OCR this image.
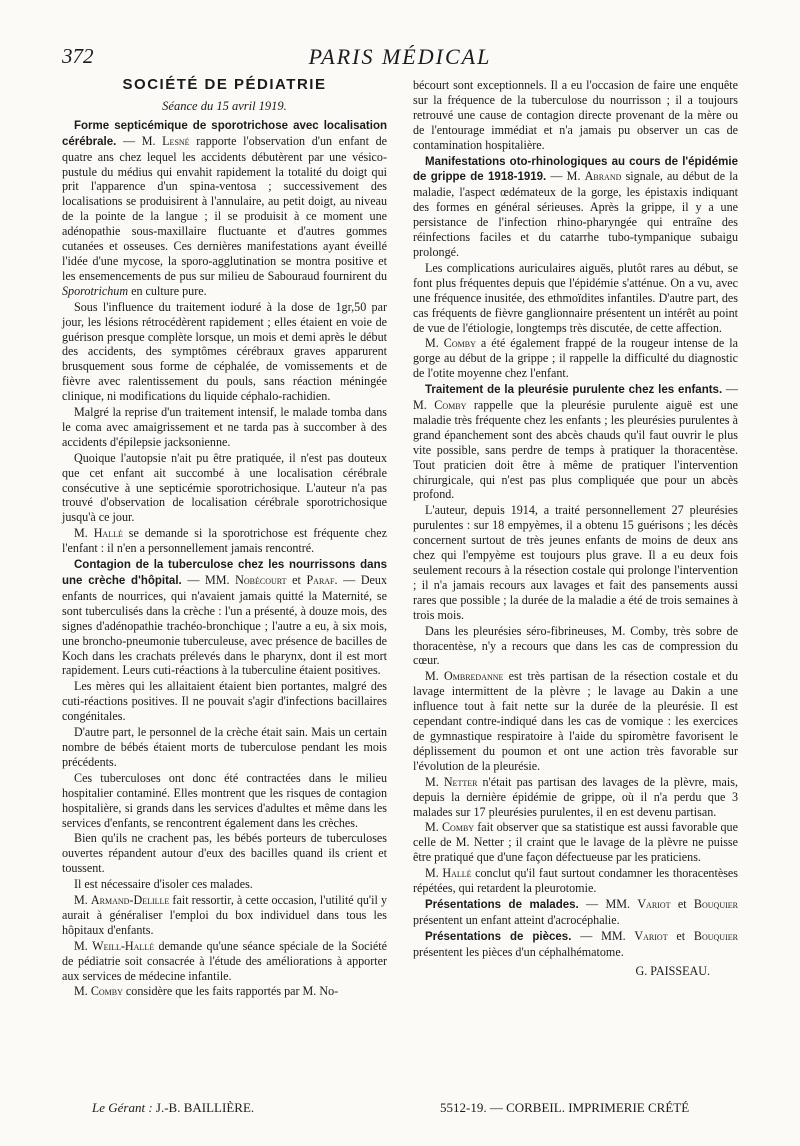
372	PARIS MÉDICAL
SOCIÉTÉ DE PÉDIATRIE
Séance du 15 avril 1919.

Forme septicémique de sporotrichose avec localisation cérébrale. — M. Lesné rapporte l'observation d'un enfant de quatre ans chez lequel les accidents débutèrent par une vésico-pustule du médius qui envahit rapidement la totalité du doigt qui prit l'apparence d'un spina-ventosa ; successivement des localisations se produisirent à l'annulaire, au petit doigt, au niveau de la pointe de la langue ; il se produisit à ce moment une adénopathie sous-maxillaire fluctuante et d'autres gommes cutanées et osseuses. Ces dernières manifestations ayant éveillé l'idée d'une mycose, la sporo-agglutination se montra positive et les ensemencements de pus sur milieu de Sabouraud fournirent du Sporotrichum en culture pure.

Sous l'influence du traitement ioduré à la dose de 1gr,50 par jour, les lésions rétrocédèrent rapidement ; elles étaient en voie de guérison presque complète lorsque, un mois et demi après le début des accidents, des symptômes cérébraux graves apparurent brusquement sous forme de céphalée, de vomissements et de fièvre avec ralentissement du pouls, sans réaction méningée clinique, ni modifications du liquide céphalo-rachidien.

Malgré la reprise d'un traitement intensif, le malade tomba dans le coma avec amaigrissement et ne tarda pas à succomber à des accidents d'épilepsie jacksonienne.

Quoique l'autopsie n'ait pu être pratiquée, il n'est pas douteux que cet enfant ait succombé à une localisation cérébrale consécutive à une septicémie sporotrichosique. L'auteur n'a pas trouvé d'observation de localisation cérébrale sporotrichosique jusqu'à ce jour.

M. Hallé se demande si la sporotrichose est fréquente chez l'enfant : il n'en a personnellement jamais rencontré.

Contagion de la tuberculose chez les nourrissons dans une crèche d'hôpital. — MM. Nobécourt et Paraf. — Deux enfants de nourrices, qui n'avaient jamais quitté la Maternité, se sont tuberculisés dans la crèche : l'un a présenté, à douze mois, des signes d'adénopathie trachéo-bronchique ; l'autre a eu, à six mois, une broncho-pneumonie tuberculeuse, avec présence de bacilles de Koch dans les crachats prélevés dans le pharynx, dont il est mort rapidement. Leurs cuti-réactions à la tuberculine étaient positives.

Les mères qui les allaitaient étaient bien portantes, malgré des cuti-réactions positives. Il ne pouvait s'agir d'infections bacillaires congénitales.

D'autre part, le personnel de la crèche était sain. Mais un certain nombre de bébés étaient morts de tuberculose pendant les mois précédents.

Ces tuberculoses ont donc été contractées dans le milieu hospitalier contaminé. Elles montrent que les risques de contagion hospitalière, si grands dans les services d'adultes et même dans les services d'enfants, se rencontrent également dans les crèches.

Bien qu'ils ne crachent pas, les bébés porteurs de tuberculoses ouvertes répandent autour d'eux des bacilles quand ils crient et toussent.

Il est nécessaire d'isoler ces malades.

M. Armand-Delille fait ressortir, à cette occasion, l'utilité qu'il y aurait à généraliser l'emploi du box individuel dans tous les hôpitaux d'enfants.

M. Weill-Hallé demande qu'une séance spéciale de la Société de pédiatrie soit consacrée à l'étude des améliorations à apporter aux services de médecine infantile.

M. Comby considère que les faits rapportés par M. No-

bécourt sont exceptionnels. Il a eu l'occasion de faire une enquête sur la fréquence de la tuberculose du nourrisson ; il a toujours retrouvé une cause de contagion directe provenant de la mère ou de l'entourage immédiat et n'a jamais pu observer un cas de contamination hospitalière.

Manifestations oto-rhinologiques au cours de l'épidémie de grippe de 1918-1919. — M. Abrand signale, au début de la maladie, l'aspect œdémateux de la gorge, les épistaxis indiquant des formes en général sérieuses. Après la grippe, il y a une persistance de l'infection rhino-pharyngée qui entraîne des réinfections faciles et du catarrhe tubo-tympanique subaigu prolongé.

Les complications auriculaires aiguës, plutôt rares au début, se font plus fréquentes depuis que l'épidémie s'atténue. On a vu, avec une fréquence inusitée, des ethmoïdites infantiles. D'autre part, des cas fréquents de fièvre ganglionnaire présentent un intérêt au point de vue de l'étiologie, longtemps très discutée, de cette affection.

M. Comby a été également frappé de la rougeur intense de la gorge au début de la grippe ; il rappelle la difficulté du diagnostic de l'otite moyenne chez l'enfant.

Traitement de la pleurésie purulente chez les enfants. — M. Comby rappelle que la pleurésie purulente aiguë est une maladie très fréquente chez les enfants ; les pleurésies purulentes à grand épanchement sont des abcès chauds qu'il faut ouvrir le plus vite possible, sans perdre de temps à pratiquer la thoracentèse. Tout praticien doit être à même de pratiquer l'intervention chirurgicale, qui n'est pas plus compliquée que pour un abcès profond.

L'auteur, depuis 1914, a traité personnellement 27 pleurésies purulentes : sur 18 empyèmes, il a obtenu 15 guérisons ; les décès concernent surtout de très jeunes enfants de moins de deux ans chez qui l'empyème est toujours plus grave. Il a eu deux fois seulement recours à la résection costale qui prolonge l'intervention ; il n'a jamais recours aux lavages et fait des pansements aussi rares que possible ; la durée de la maladie a été de trois semaines à trois mois.

Dans les pleurésies séro-fibrineuses, M. Comby, très sobre de thoracentèse, n'y a recours que dans les cas de compression du cœur.

M. Ombredanne est très partisan de la résection costale et du lavage intermittent de la plèvre ; le lavage au Dakin a une influence tout à fait nette sur la durée de la pleurésie. Il est cependant contre-indiqué dans les cas de vomique : les exercices de gymnastique respiratoire à l'aide du spiromètre favorisent le déplissement du poumon et ont une action très favorable sur l'évolution de la pleurésie.

M. Netter n'était pas partisan des lavages de la plèvre, mais, depuis la dernière épidémie de grippe, où il n'a perdu que 3 malades sur 17 pleurésies purulentes, il en est devenu partisan.

M. Comby fait observer que sa statistique est aussi favorable que celle de M. Netter ; il craint que le lavage de la plèvre ne puisse être pratiqué que d'une façon défectueuse par les praticiens.

M. Hallé conclut qu'il faut surtout condamner les thoracentèses répétées, qui retardent la pleurotomie.

Présentations de malades. — MM. Variot et Bouquier présentent un enfant atteint d'acrocéphalie.

Présentations de pièces. — MM. Variot et Bouquier présentent les pièces d'un céphalhématome.

G. PAISSEAU.
Le Gérant : J.-B. BAILLIÈRE.	5512-19. — CORBEIL. IMPRIMERIE CRÉTÉ
